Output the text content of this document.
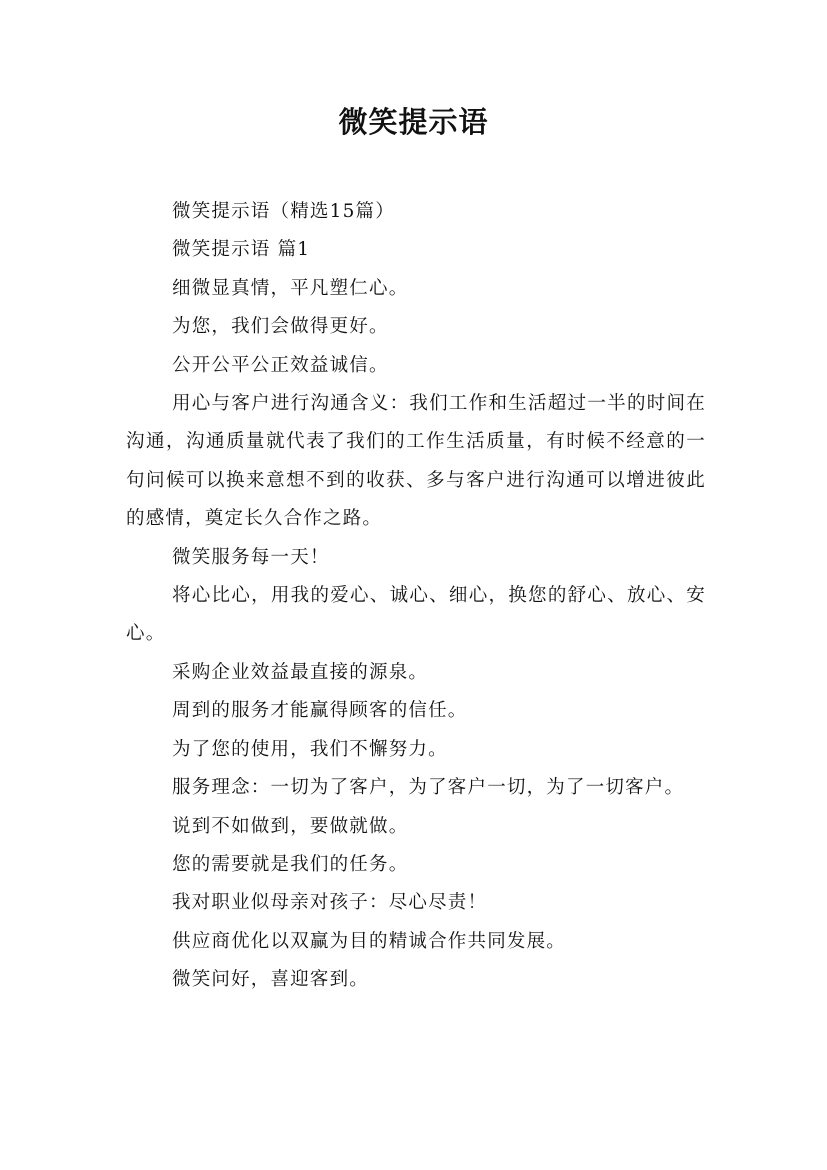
微笑提示语

微笑提示语（精选15篇）

微笑提示语 篇1

细微显真情，平凡塑仁心。

为您，我们会做得更好。

公开公平公正效益诚信。

用心与客户进行沟通含义：我们工作和生活超过一半的时间在沟通，沟通质量就代表了我们的工作生活质量，有时候不经意的一句问候可以换来意想不到的收获、多与客户进行沟通可以增进彼此的感情，奠定长久合作之路。

微笑服务每一天！

将心比心，用我的爱心、诚心、细心，换您的舒心、放心、安心。

采购企业效益最直接的源泉。

周到的服务才能赢得顾客的信任。

为了您的使用，我们不懈努力。

服务理念：一切为了客户，为了客户一切，为了一切客户。

说到不如做到，要做就做。

您的需要就是我们的任务。

我对职业似母亲对孩子：尽心尽责！

供应商优化以双赢为目的精诚合作共同发展。

微笑问好，喜迎客到。
